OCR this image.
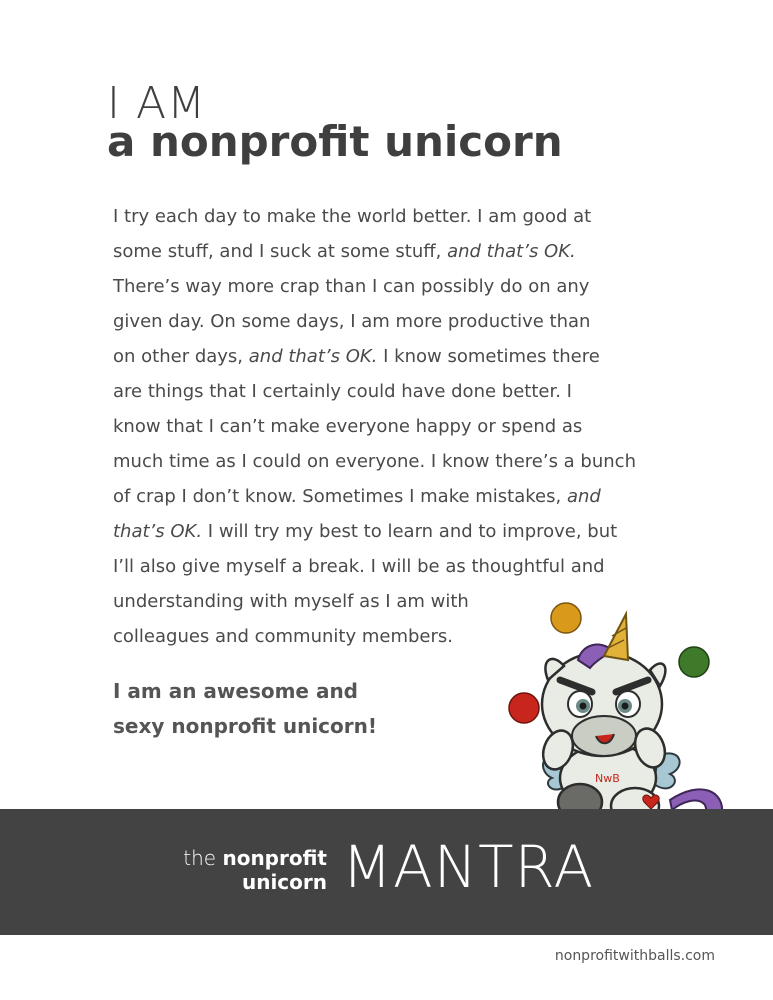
I AM
a nonprofit unicorn
I try each day to make the world better. I am good at
some stuff, and I suck at some stuff, and that’s OK.
There’s way more crap than I can possibly do on any
given day. On some days, I am more productive than
on other days, and that’s OK. I know sometimes there
are things that I certainly could have done better. I
know that I can’t make everyone happy or spend as
much time as I could on everyone. I know there’s a bunch
of crap I don’t know. Sometimes I make mistakes, and
that’s OK. I will try my best to learn and to improve, but
I’ll also give myself a break. I will be as thoughtful and
understanding with myself as I am with
colleagues and community members.
I am an awesome and
sexy nonprofit unicorn!
NwB
the nonprofit
unicorn MANTRA
nonprofitwithballs.com
